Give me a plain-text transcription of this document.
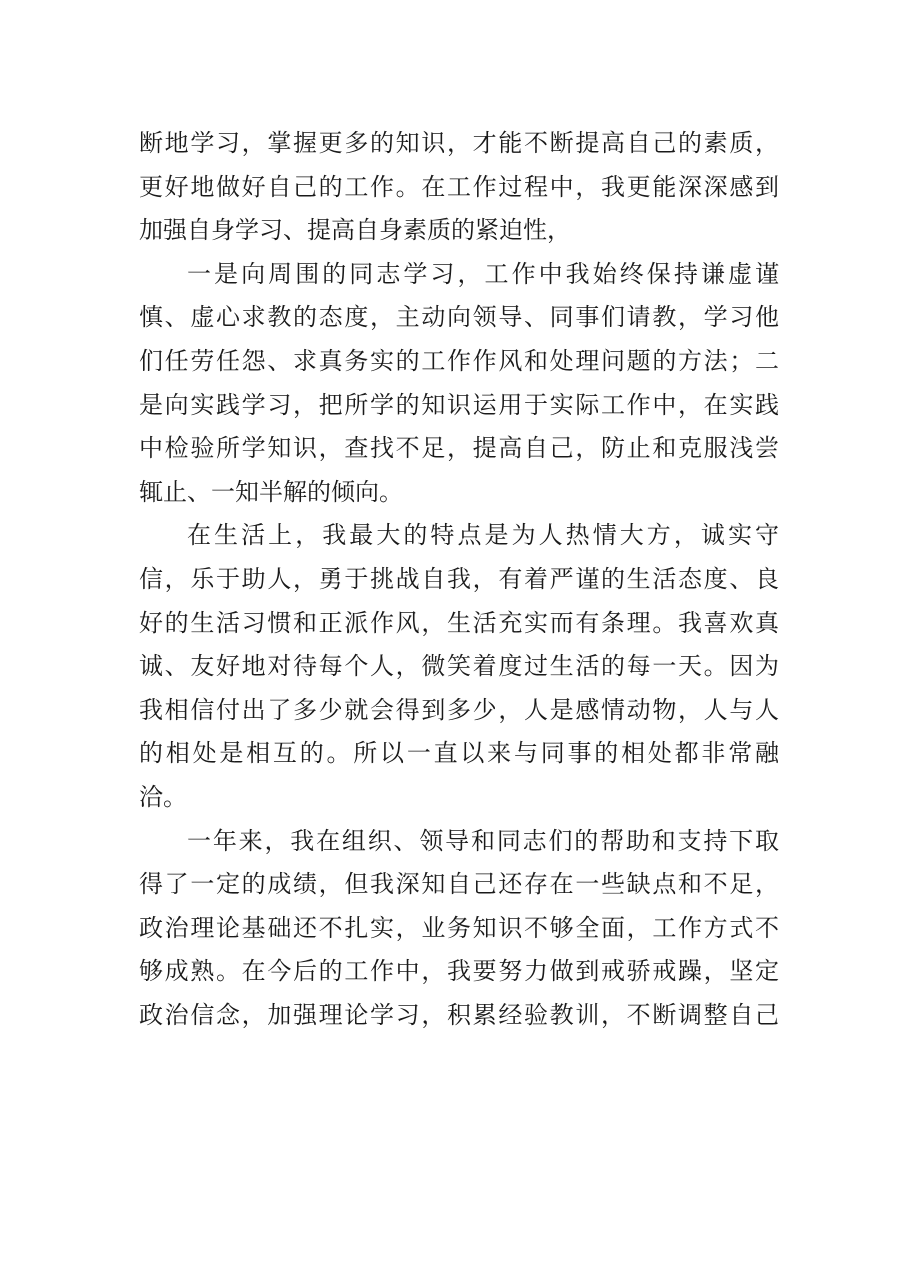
断地学习，掌握更多的知识，才能不断提高自己的素质，
更好地做好自己的工作。在工作过程中，我更能深深感到
加强自身学习、提高自身素质的紧迫性，
一是向周围的同志学习，工作中我始终保持谦虚谨
慎、虚心求教的态度，主动向领导、同事们请教，学习他
们任劳任怨、求真务实的工作作风和处理问题的方法；二
是向实践学习，把所学的知识运用于实际工作中，在实践
中检验所学知识，查找不足，提高自己，防止和克服浅尝
辄止、一知半解的倾向。
在生活上，我最大的特点是为人热情大方，诚实守
信，乐于助人，勇于挑战自我，有着严谨的生活态度、良
好的生活习惯和正派作风，生活充实而有条理。我喜欢真
诚、友好地对待每个人，微笑着度过生活的每一天。因为
我相信付出了多少就会得到多少，人是感情动物，人与人
的相处是相互的。所以一直以来与同事的相处都非常融
洽。
一年来，我在组织、领导和同志们的帮助和支持下取
得了一定的成绩，但我深知自己还存在一些缺点和不足，
政治理论基础还不扎实，业务知识不够全面，工作方式不
够成熟。在今后的工作中，我要努力做到戒骄戒躁，坚定
政治信念，加强理论学习，积累经验教训，不断调整自己
